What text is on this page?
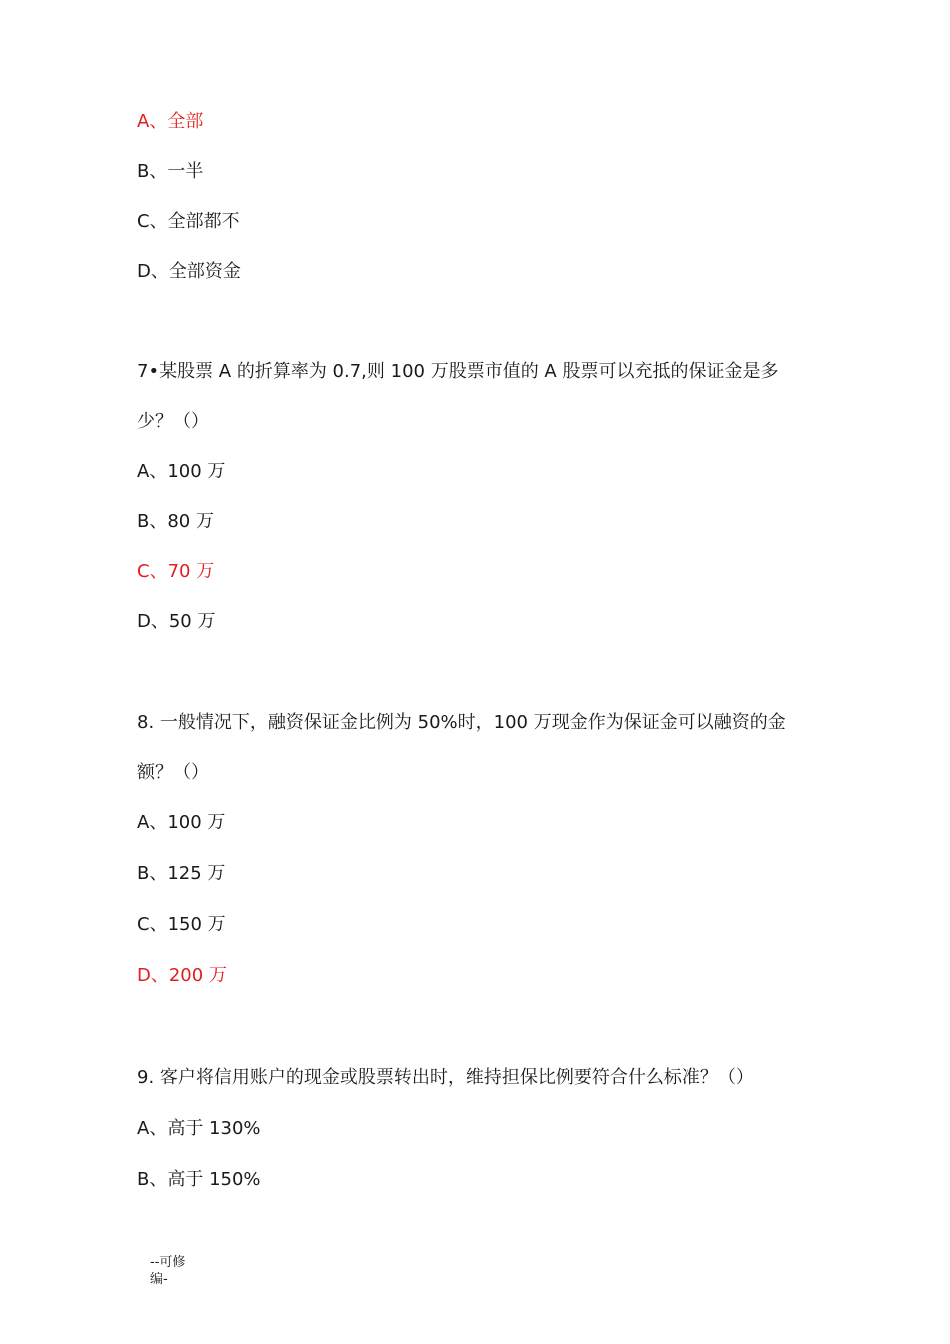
A、全部
B、一半
C、全部都不
D、全部资金
7•某股票 A 的折算率为 0.7,则 100 万股票市值的 A 股票可以充抵的保证金是多
少？（）
A、100 万
B、80 万
C、70 万
D、50 万
8. 一般情况下，融资保证金比例为 50%时，100 万现金作为保证金可以融资的金
额？（）
A、100 万
B、125 万
C、150 万
D、200 万
9. 客户将信用账户的现金或股票转出时，维持担保比例要符合什么标准？（）
A、高于 130%
B、高于 150%
--可修
编-
